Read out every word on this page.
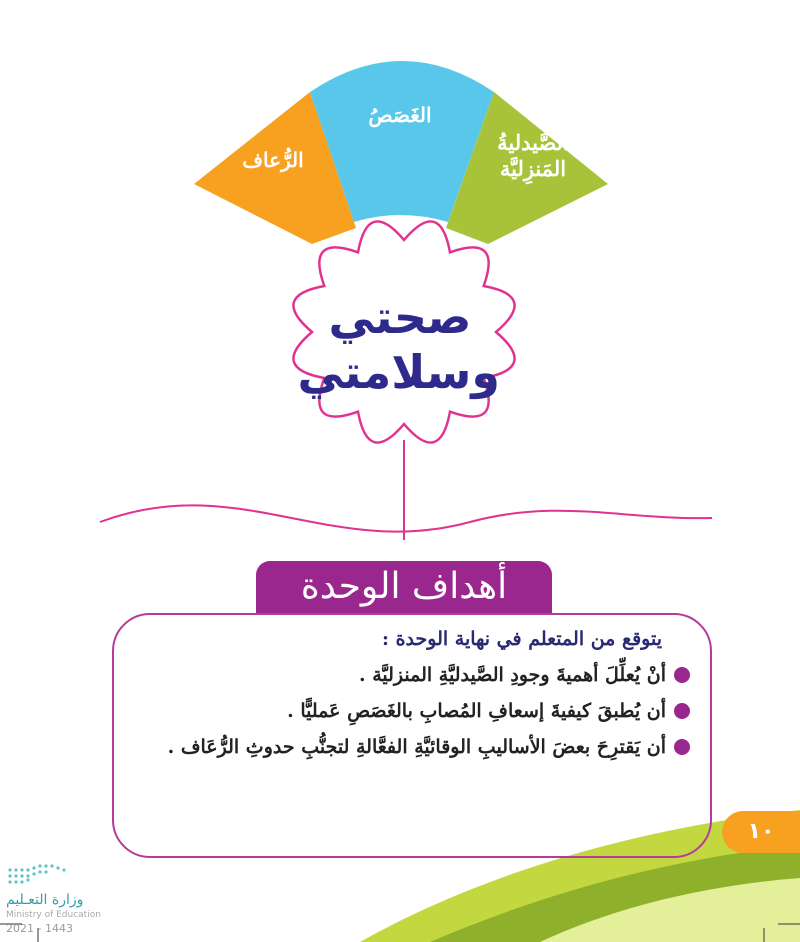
الرُّعاف
الغَصَصُ
الصَّيدليةُ
المَنزِليَّة
صحتي
وسلامتي
أهداف الوحدة
يتوقع من المتعلم في نهاية الوحدة :
أنْ يُعلِّلَ أهميةَ وجودِ الصَّيدليَّةِ المنزليَّة .
أن يُطبقَ كيفيةَ إسعافِ المُصابِ بالغَصَصِ عَمليًّا .
أن يَقترِحَ بعضَ الأساليبِ الوقائيَّةِ الفعَّالةِ لتجنُّبِ حدوثِ الرُّعَاف .
١٠
وزارة التعـليم
Ministry of Education
2021 - 1443
